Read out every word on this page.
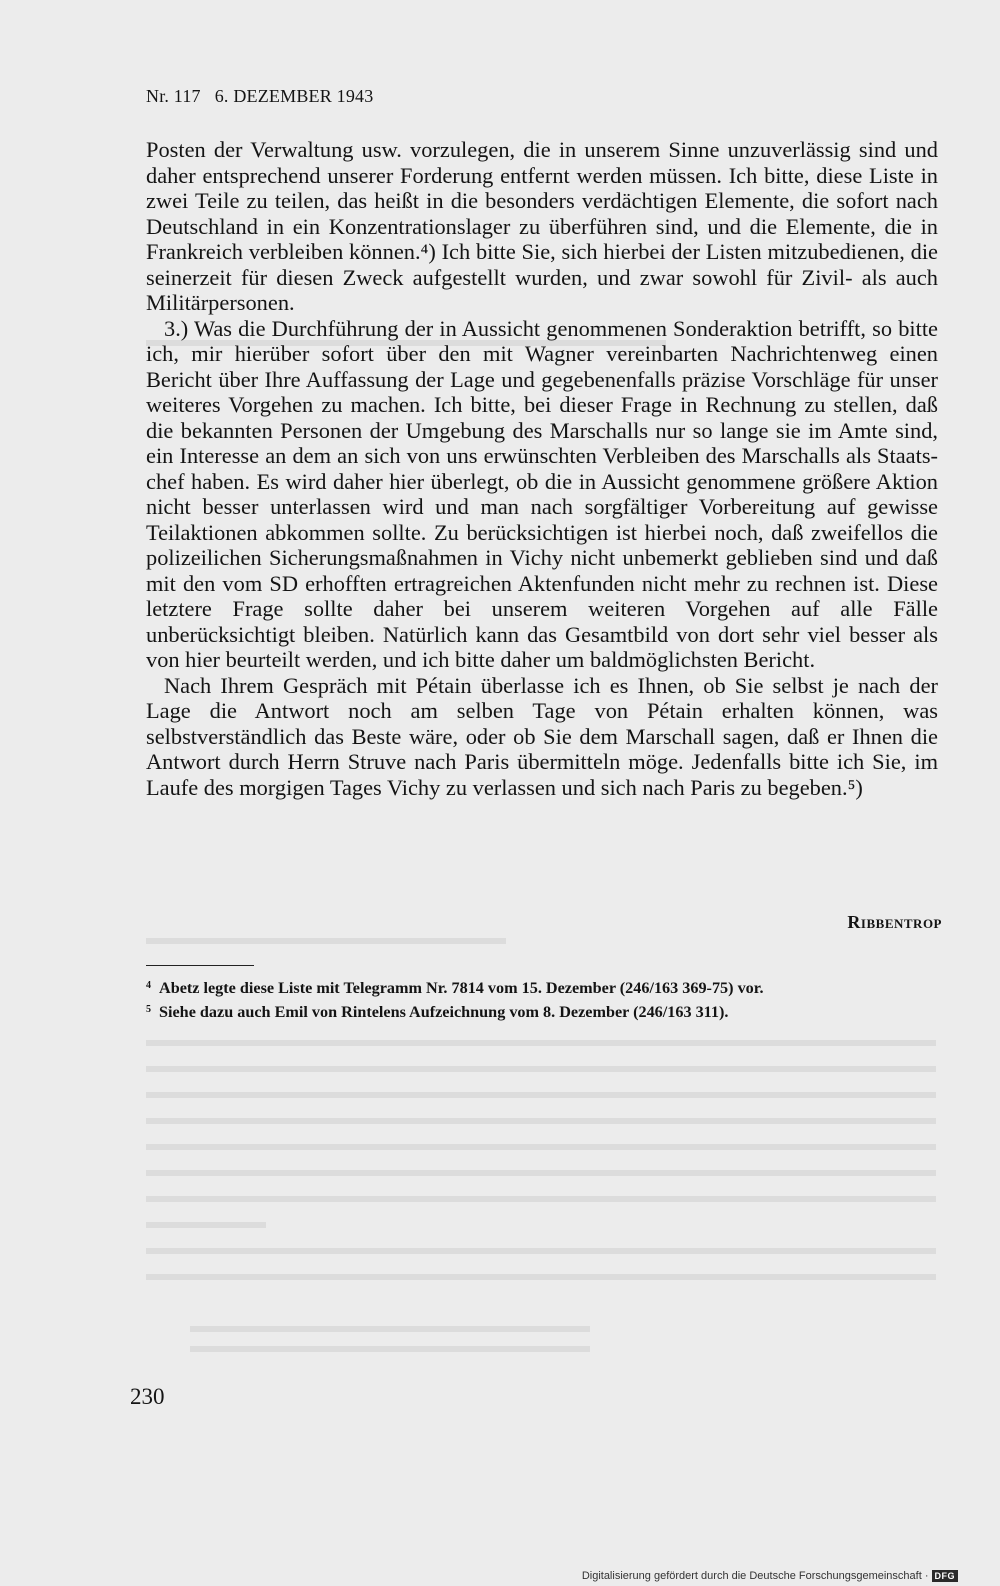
Nr. 117 6. DEZEMBER 1943

Posten der Verwaltung usw. vorzulegen, die in unserem Sinne unzuverlässig sind und daher entsprechend unserer Forderung entfernt werden müssen. Ich bitte, diese Liste in zwei Teile zu teilen, das heißt in die besonders verdächtigen Elemente, die sofort nach Deutschland in ein Konzentrationslager zu überführen sind, und die Elemente, die in Frankreich verbleiben können.⁴) Ich bitte Sie, sich hierbei der Listen mitzubedienen, die seinerzeit für diesen Zweck aufgestellt wurden, und zwar sowohl für Zivil- als auch Militärpersonen.

3.) Was die Durchführung der in Aussicht genommenen Sonderaktion betrifft, so bitte ich, mir hierüber sofort über den mit Wagner vereinbarten Nachrichtenweg einen Bericht über Ihre Auffassung der Lage und gegebenenfalls präzise Vorschläge für unser weiteres Vorgehen zu machen. Ich bitte, bei dieser Frage in Rechnung zu stellen, daß die bekannten Personen der Umgebung des Marschalls nur so lange sie im Amte sind, ein Interesse an dem an sich von uns erwünschten Verbleiben des Marschalls als Staatschef haben. Es wird daher hier überlegt, ob die in Aussicht genommene größere Aktion nicht besser unterlassen wird und man nach sorgfältiger Vorbereitung auf gewisse Teilaktionen abkommen sollte. Zu berücksichtigen ist hierbei noch, daß zweifellos die polizeilichen Sicherungsmaßnahmen in Vichy nicht unbemerkt geblieben sind und daß mit den vom SD erhofften ertragreichen Aktenfunden nicht mehr zu rechnen ist. Diese letztere Frage sollte daher bei unserem weiteren Vorgehen auf alle Fälle unberücksichtigt bleiben. Natürlich kann das Gesamtbild von dort sehr viel besser als von hier beurteilt werden, und ich bitte daher um baldmöglichsten Bericht.

Nach Ihrem Gespräch mit Pétain überlasse ich es Ihnen, ob Sie selbst je nach der Lage die Antwort noch am selben Tage von Pétain erhalten können, was selbstverständlich das Beste wäre, oder ob Sie dem Marschall sagen, daß er Ihnen die Antwort durch Herrn Struve nach Paris übermitteln möge. Jedenfalls bitte ich Sie, im Laufe des morgigen Tages Vichy zu verlassen und sich nach Paris zu begeben.⁵)

Ribbentrop

$^4$ Abetz legte diese Liste mit Telegramm Nr. 7814 vom 15. Dezember (246/163 369-75) vor.

$^5$ Siehe dazu auch Emil von Rintelens Aufzeichnung vom 8. Dezember (246/163 311).

230
Digitalisierung gefördert durch die Deutsche Forschungsgemeinschaft · DFG
